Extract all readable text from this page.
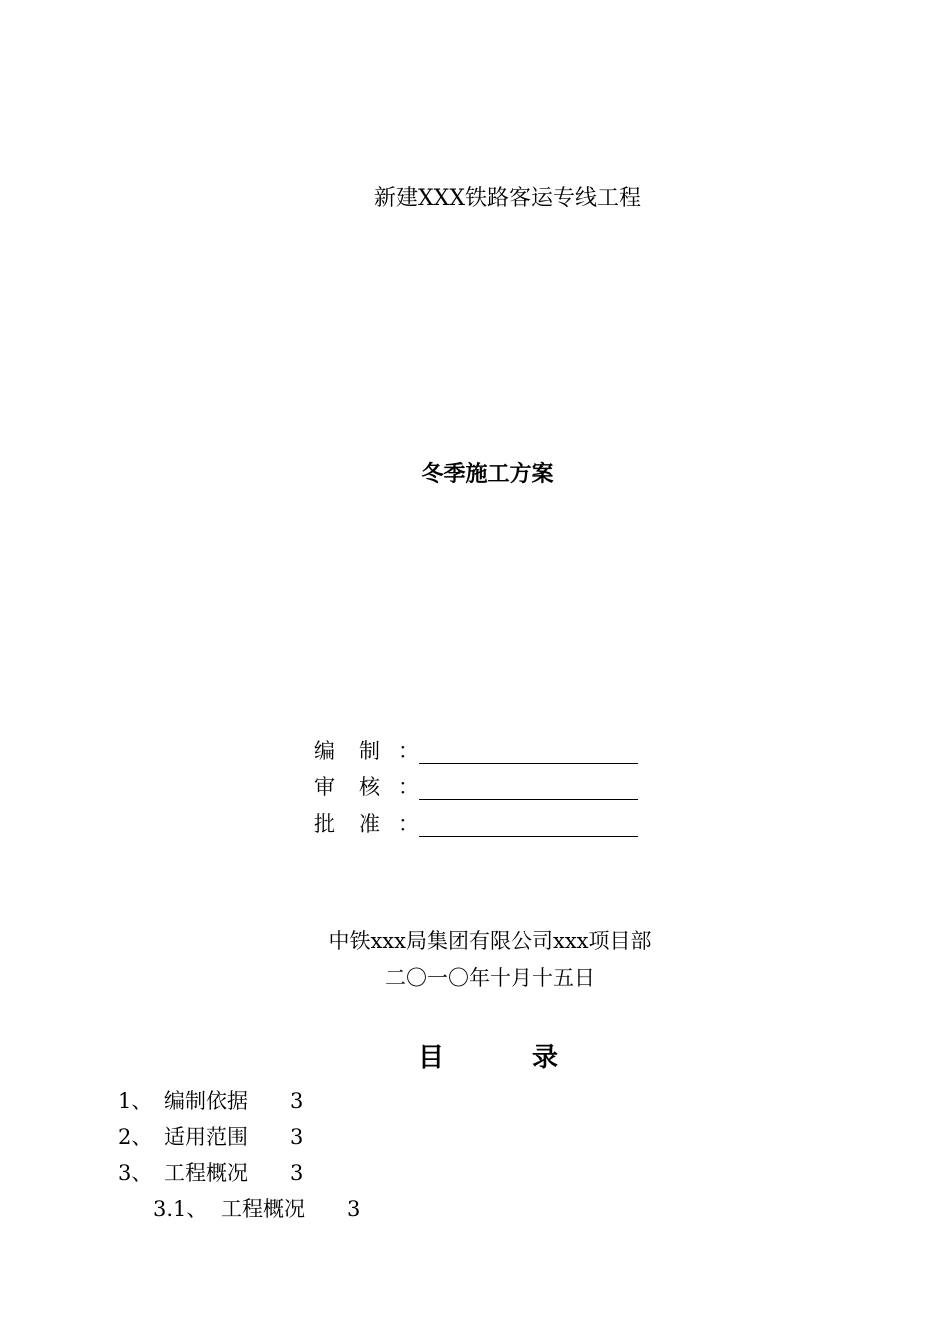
新建XXX铁路客运专线工程
冬季施工方案
编制
：
审核
：
批准
：
中铁xxx局集团有限公司xxx项目部
二〇一〇年十月十五日
目	录
1、 编制依据 3
2、 适用范围 3
3、 工程概况 3
3.1、 工程概况 3
